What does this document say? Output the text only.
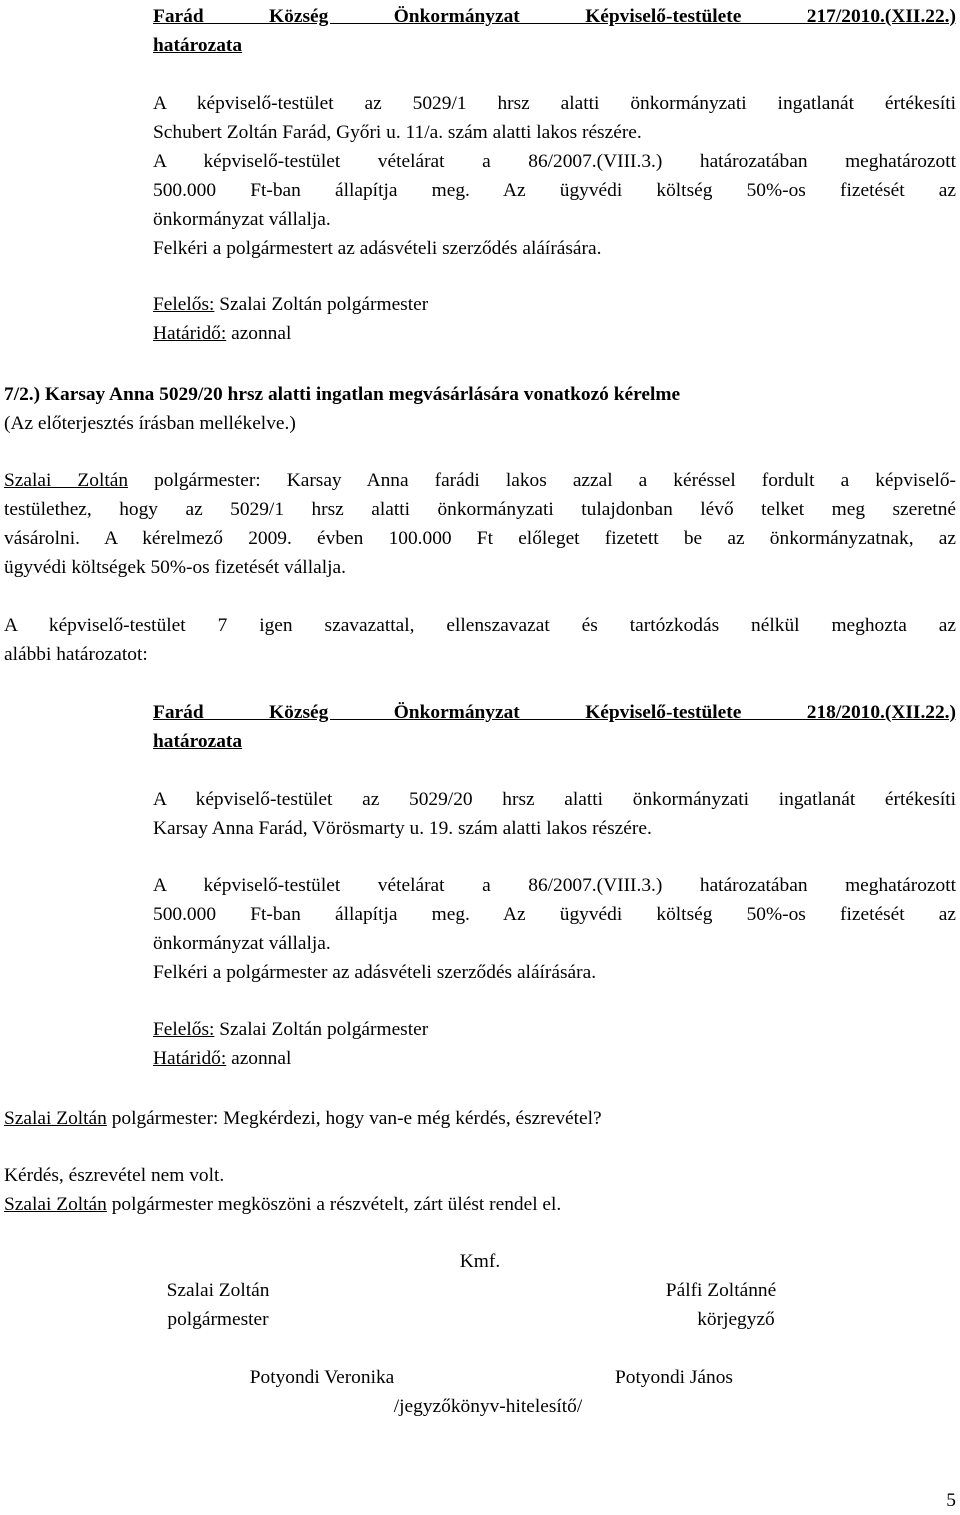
Farád Község Önkormányzat Képviselő-testülete 217/2010.(XII.22.)
határozata
A képviselő-testület az 5029/1 hrsz alatti önkormányzati ingatlanát értékesíti
Schubert Zoltán Farád, Győri u. 11/a. szám alatti lakos részére.
A képviselő-testület vételárat a 86/2007.(VIII.3.) határozatában meghatározott
500.000 Ft-ban állapítja meg. Az ügyvédi költség 50%-os fizetését az
önkormányzat vállalja.
Felkéri a polgármestert az adásvételi szerződés aláírására.
Felelős: Szalai Zoltán polgármester
Határidő: azonnal
7/2.) Karsay Anna 5029/20 hrsz alatti ingatlan megvásárlására vonatkozó kérelme
(Az előterjesztés írásban mellékelve.)
Szalai Zoltán polgármester: Karsay Anna farádi lakos azzal a kéréssel fordult a képviselő-
testülethez, hogy az 5029/1 hrsz alatti önkormányzati tulajdonban lévő telket meg szeretné
vásárolni. A kérelmező 2009. évben 100.000 Ft előleget fizetett be az önkormányzatnak, az
ügyvédi költségek 50%-os fizetését vállalja.
A képviselő-testület 7 igen szavazattal, ellenszavazat és tartózkodás nélkül meghozta az
alábbi határozatot:
Farád Község Önkormányzat Képviselő-testülete 218/2010.(XII.22.)
határozata
A képviselő-testület az 5029/20 hrsz alatti önkormányzati ingatlanát értékesíti
Karsay Anna Farád, Vörösmarty u. 19. szám alatti lakos részére.
A képviselő-testület vételárat a 86/2007.(VIII.3.) határozatában meghatározott
500.000 Ft-ban állapítja meg. Az ügyvédi költség 50%-os fizetését az
önkormányzat vállalja.
Felkéri a polgármester az adásvételi szerződés aláírására.
Felelős: Szalai Zoltán polgármester
Határidő: azonnal
Szalai Zoltán polgármester: Megkérdezi, hogy van-e még kérdés, észrevétel?
Kérdés, észrevétel nem volt.
Szalai Zoltán polgármester megköszöni a részvételt, zárt ülést rendel el.
Kmf.
Szalai Zoltán
polgármester
Pálfi Zoltánné
körjegyző
Potyondi Veronika	Potyondi János
/jegyzőkönyv-hitelesítő/
5
